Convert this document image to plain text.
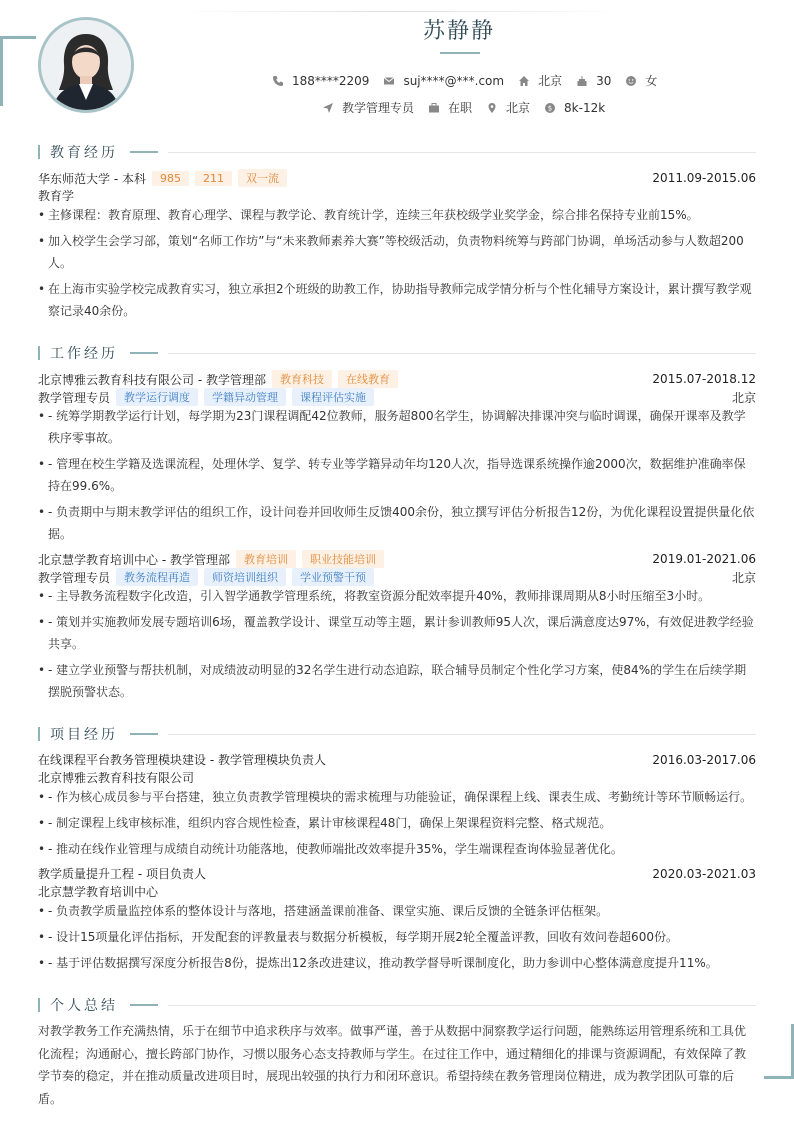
苏静静
188****2209	suj****@***.com	北京	30	女
教学管理专员	在职	北京	$ 8k-12k
教育经历
华东师范大学 - 本科	985	211	双一流	2011.09-2015.06
教育学
• 主修课程：教育原理、教育心理学、课程与教学论、教育统计学，连续三年获校级学业奖学金，综合排名保持专业前15%。
• 加入校学生会学习部，策划“名师工作坊”与“未来教师素养大赛”等校级活动，负责物料统筹与跨部门协调，单场活动参与人数超200人。
• 在上海市实验学校完成教育实习，独立承担2个班级的助教工作，协助指导教师完成学情分析与个性化辅导方案设计，累计撰写教学观察记录40余份。
工作经历
北京博雅云教育科技有限公司 - 教学管理部	教育科技	在线教育	2015.07-2018.12
教学管理专员	教学运行调度	学籍异动管理	课程评估实施	北京
• - 统筹学期教学运行计划，每学期为23门课程调配42位教师，服务超800名学生，协调解决排课冲突与临时调课，确保开课率及教学秩序零事故。
• - 管理在校生学籍及选课流程，处理休学、复学、转专业等学籍异动年均120人次，指导选课系统操作逾2000次，数据维护准确率保持在99.6%。
• - 负责期中与期末教学评估的组织工作，设计问卷并回收师生反馈400余份，独立撰写评估分析报告12份，为优化课程设置提供量化依据。
北京慧学教育培训中心 - 教学管理部	教育培训	职业技能培训	2019.01-2021.06
教学管理专员	教务流程再造	师资培训组织	学业预警干预	北京
• - 主导教务流程数字化改造，引入智学通教学管理系统，将教室资源分配效率提升40%，教师排课周期从8小时压缩至3小时。
• - 策划并实施教师发展专题培训6场，覆盖教学设计、课堂互动等主题，累计参训教师95人次，课后满意度达97%，有效促进教学经验共享。
• - 建立学业预警与帮扶机制，对成绩波动明显的32名学生进行动态追踪，联合辅导员制定个性化学习方案，使84%的学生在后续学期摆脱预警状态。
项目经历
在线课程平台教务管理模块建设 - 教学管理模块负责人	2016.03-2017.06
北京博雅云教育科技有限公司
• - 作为核心成员参与平台搭建，独立负责教学管理模块的需求梳理与功能验证，确保课程上线、课表生成、考勤统计等环节顺畅运行。
• - 制定课程上线审核标准，组织内容合规性检查，累计审核课程48门，确保上架课程资料完整、格式规范。
• - 推动在线作业管理与成绩自动统计功能落地，使教师端批改效率提升35%，学生端课程查询体验显著优化。
教学质量提升工程 - 项目负责人	2020.03-2021.03
北京慧学教育培训中心
• - 负责教学质量监控体系的整体设计与落地，搭建涵盖课前准备、课堂实施、课后反馈的全链条评估框架。
• - 设计15项量化评估指标，开发配套的评教量表与数据分析模板，每学期开展2轮全覆盖评教，回收有效问卷超600份。
• - 基于评估数据撰写深度分析报告8份，提炼出12条改进建议，推动教学督导听课制度化，助力参训中心整体满意度提升11%。
个人总结
对教学教务工作充满热情，乐于在细节中追求秩序与效率。做事严谨，善于从数据中洞察教学运行问题，能熟练运用管理系统和工具优化流程；沟通耐心，擅长跨部门协作，习惯以服务心态支持教师与学生。在过往工作中，通过精细化的排课与资源调配，有效保障了教学节奏的稳定，并在推动质量改进项目时，展现出较强的执行力和闭环意识。希望持续在教务管理岗位精进，成为教学团队可靠的后盾。
